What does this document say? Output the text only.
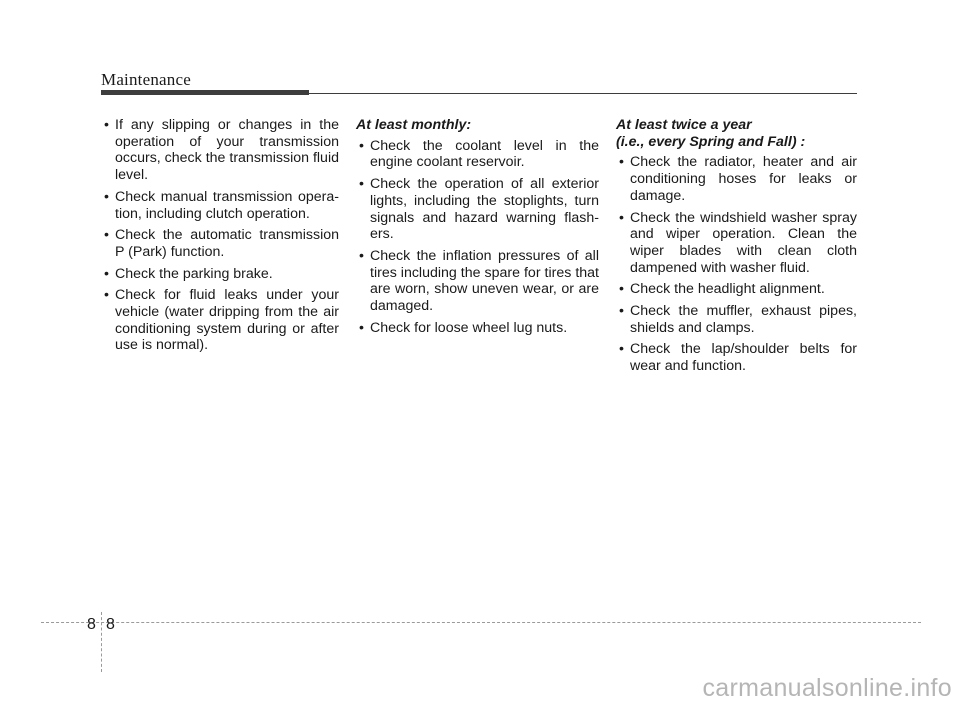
Maintenance
• If any slipping or changes in the operation of your transmission occurs, check the transmission fluid level.
• Check manual transmission opera-tion, including clutch operation.
• Check the automatic transmission P (Park) function.
• Check the parking brake.
• Check for fluid leaks under your vehicle (water dripping from the air conditioning system during or after use is normal).
At least monthly:
• Check the coolant level in the engine coolant reservoir.
• Check the operation of all exterior lights, including the stoplights, turn signals and hazard warning flash-ers.
• Check the inflation pressures of all tires including the spare for tires that are worn, show uneven wear, or are damaged.
• Check for loose wheel lug nuts.
At least twice a year
(i.e., every Spring and Fall) :
• Check the radiator, heater and air conditioning hoses for leaks or damage.
• Check the windshield washer spray and wiper operation. Clean the wiper blades with clean cloth dampened with washer fluid.
• Check the headlight alignment.
• Check the muffler, exhaust pipes, shields and clamps.
• Check the lap/shoulder belts for wear and function.
8 8
carmanualsonline.info
